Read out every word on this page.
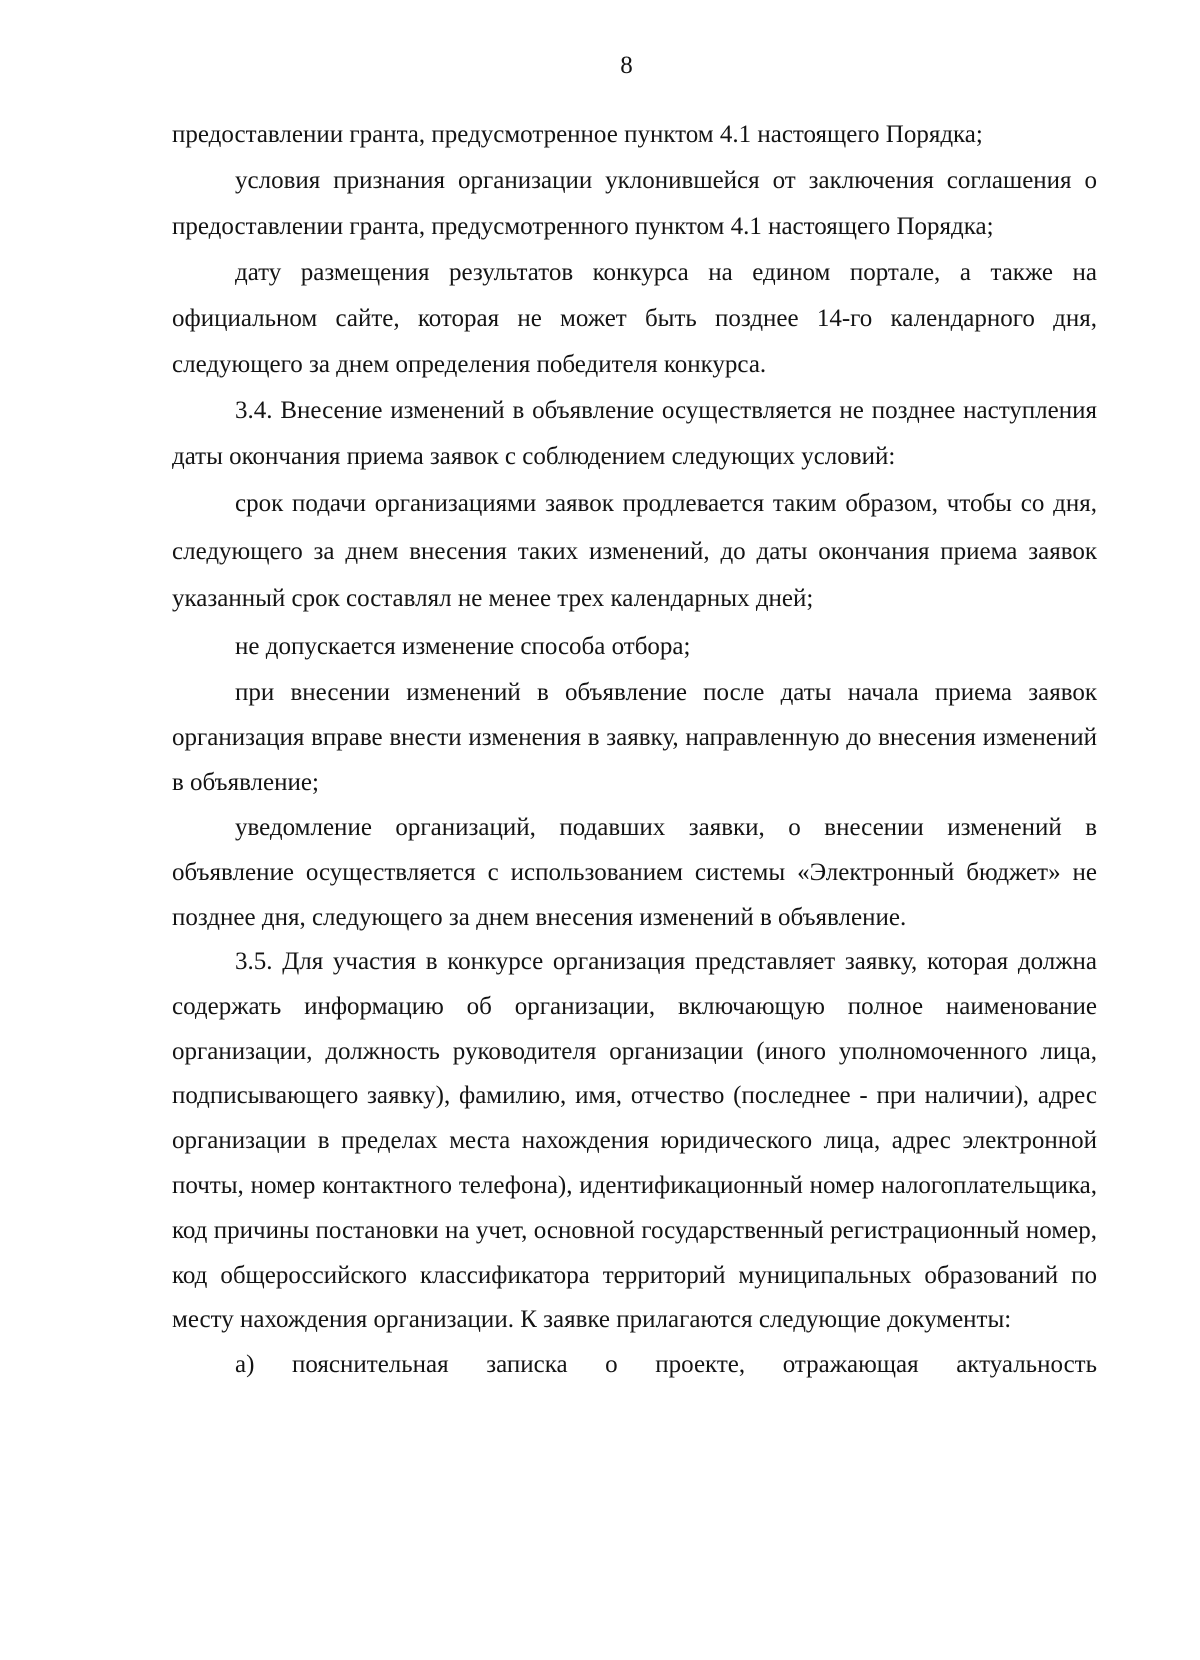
8

предоставлении гранта, предусмотренное пунктом 4.1 настоящего Порядка;

условия признания организации уклонившейся от заключения соглашения о предоставлении гранта, предусмотренного пунктом 4.1 настоящего Порядка;

дату размещения результатов конкурса на едином портале, а также на официальном сайте, которая не может быть позднее 14-го календарного дня, следующего за днем определения победителя конкурса.

3.4. Внесение изменений в объявление осуществляется не позднее наступления даты окончания приема заявок с соблюдением следующих условий:

срок подачи организациями заявок продлевается таким образом, чтобы со дня, следующего за днем внесения таких изменений, до даты окончания приема заявок указанный срок составлял не менее трех календарных дней;

не допускается изменение способа отбора;

при внесении изменений в объявление после даты начала приема заявок организация вправе внести изменения в заявку, направленную до внесения изменений в объявление;

уведомление организаций, подавших заявки, о внесении изменений в объявление осуществляется с использованием системы «Электронный бюджет» не позднее дня, следующего за днем внесения изменений в объявление.

3.5. Для участия в конкурсе организация представляет заявку, которая должна содержать информацию об организации, включающую полное наименование организации, должность руководителя организации (иного уполномоченного лица, подписывающего заявку), фамилию, имя, отчество (последнее - при наличии), адрес организации в пределах места нахождения юридического лица, адрес электронной почты, номер контактного телефона), идентификационный номер налогоплательщика, код причины постановки на учет, основной государственный регистрационный номер, код общероссийского классификатора территорий муниципальных образований по месту нахождения организации. К заявке прилагаются следующие документы:

а) пояснительная записка о проекте, отражающая актуальность
